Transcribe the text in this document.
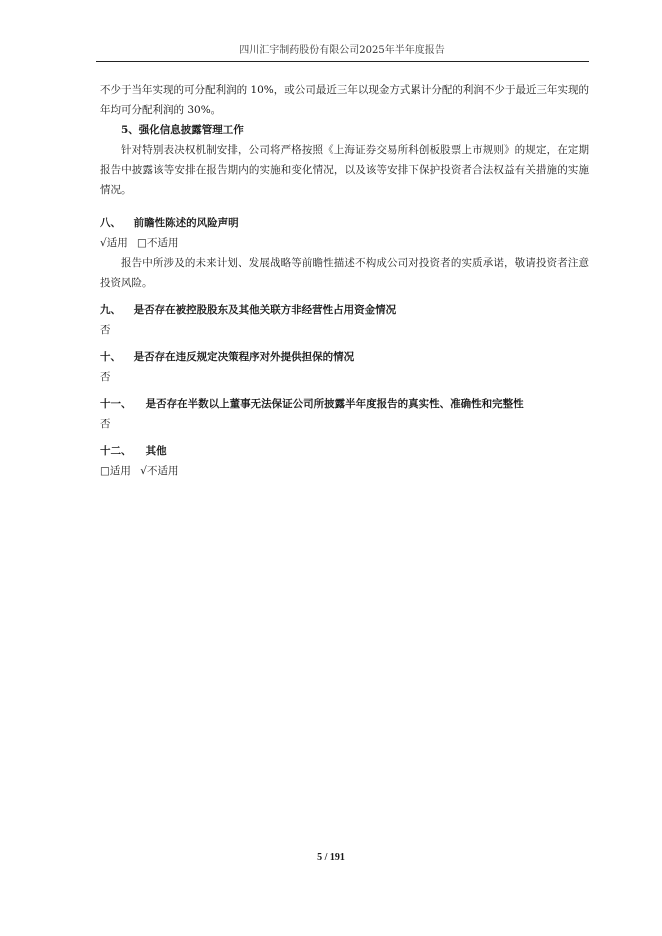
四川汇宇制药股份有限公司2025年半年度报告

不少于当年实现的可分配利润的 10%，或公司最近三年以现金方式累计分配的利润不少于最近三年实现的年均可分配利润的 30%。

5、强化信息披露管理工作

针对特别表决权机制安排，公司将严格按照《上海证券交易所科创板股票上市规则》的规定，在定期报告中披露该等安排在报告期内的实施和变化情况，以及该等安排下保护投资者合法权益有关措施的实施情况。

八、 前瞻性陈述的风险声明

√适用 □不适用

报告中所涉及的未来计划、发展战略等前瞻性描述不构成公司对投资者的实质承诺，敬请投资者注意投资风险。

九、 是否存在被控股股东及其他关联方非经营性占用资金情况

否

十、 是否存在违反规定决策程序对外提供担保的情况

否

十一、 是否存在半数以上董事无法保证公司所披露半年度报告的真实性、准确性和完整性

否

十二、 其他

□适用 √不适用

5 / 191
